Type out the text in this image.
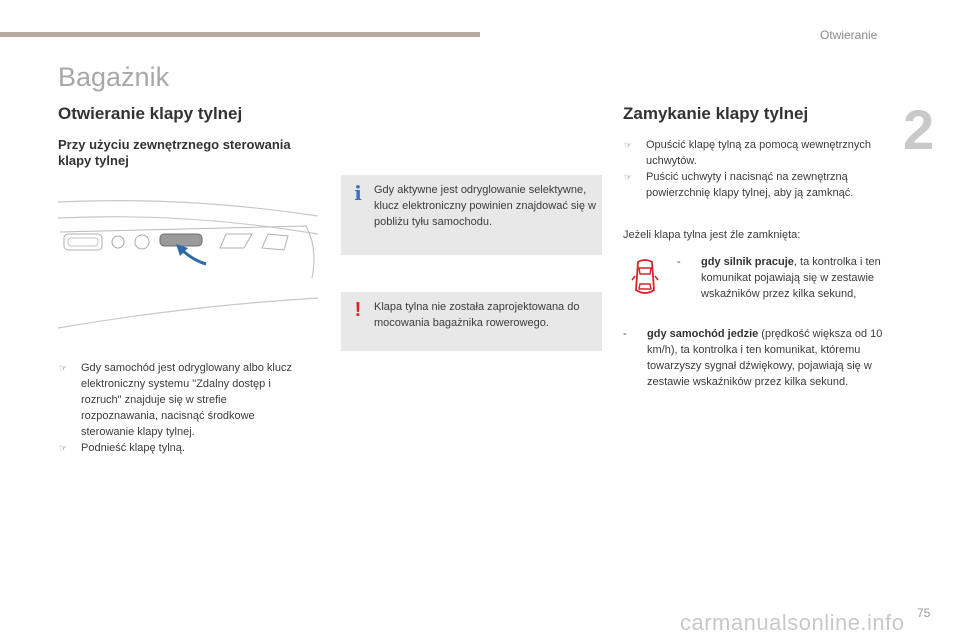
Otwieranie
2
Bagażnik
Otwieranie klapy tylnej
Przy użyciu zewnętrznego sterowania klapy tylnej
☞ Gdy samochód jest odryglowany albo klucz elektroniczny systemu "Zdalny dostęp i rozruch" znajduje się w strefie rozpoznawania, nacisnąć środkowe sterowanie klapy tylnej.
☞ Podnieść klapę tylną.
i Gdy aktywne jest odryglowanie selektywne, klucz elektroniczny powinien znajdować się w pobliżu tyłu samochodu.
!	Klapa tylna nie została zaprojektowana do mocowania bagażnika rowerowego.
Zamykanie klapy tylnej
☞ Opuścić klapę tylną za pomocą wewnętrznych uchwytów.
☞ Puścić uchwyty i nacisnąć na zewnętrzną powierzchnię klapy tylnej, aby ją zamknąć.

Jeżeli klapa tylna jest źle zamknięta:

- gdy silnik pracuje, ta kontrolka i ten komunikat pojawiają się w zestawie wskaźników przez kilka sekund,
- gdy samochód jedzie (prędkość większa od 10 km/h), ta kontrolka i ten komunikat, któremu towarzyszy sygnał dźwiękowy, pojawiają się w zestawie wskaźników przez kilka sekund.
carmanualsonline.info 75
